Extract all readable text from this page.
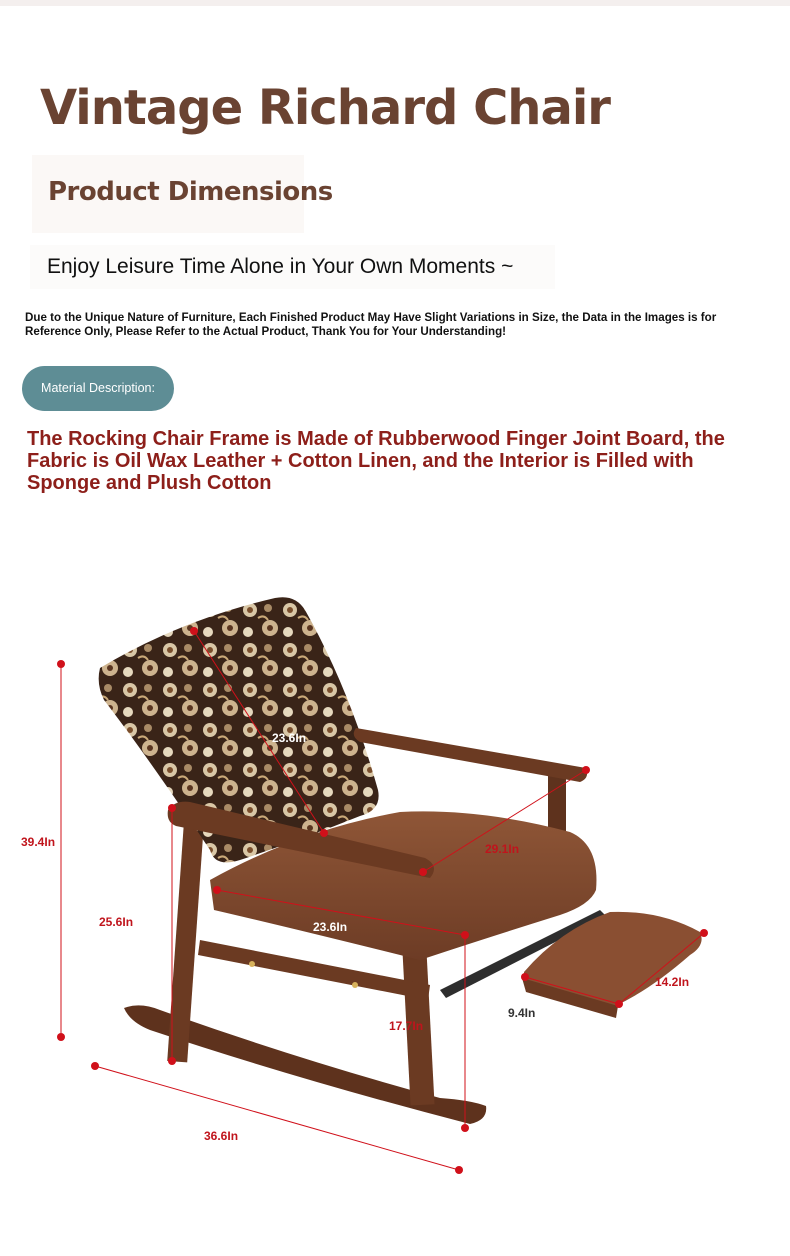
Vintage Richard Chair
Product Dimensions

Enjoy Leisure Time Alone in Your Own Moments ~

Due to the Unique Nature of Furniture, Each Finished Product May Have Slight Variations in Size, the Data in the Images is for Reference Only, Please Refer to the Actual Product, Thank You for Your Understanding!

Material Description:

The Rocking Chair Frame is Made of Rubberwood Finger Joint Board, the Fabric is Oil Wax Leather + Cotton Linen, and the Interior is Filled with Sponge and Plush Cotton

23.6In
39.4In	29.1In
25.6In	23.6In
17.7In
9.4In
14.2In
36.6In
